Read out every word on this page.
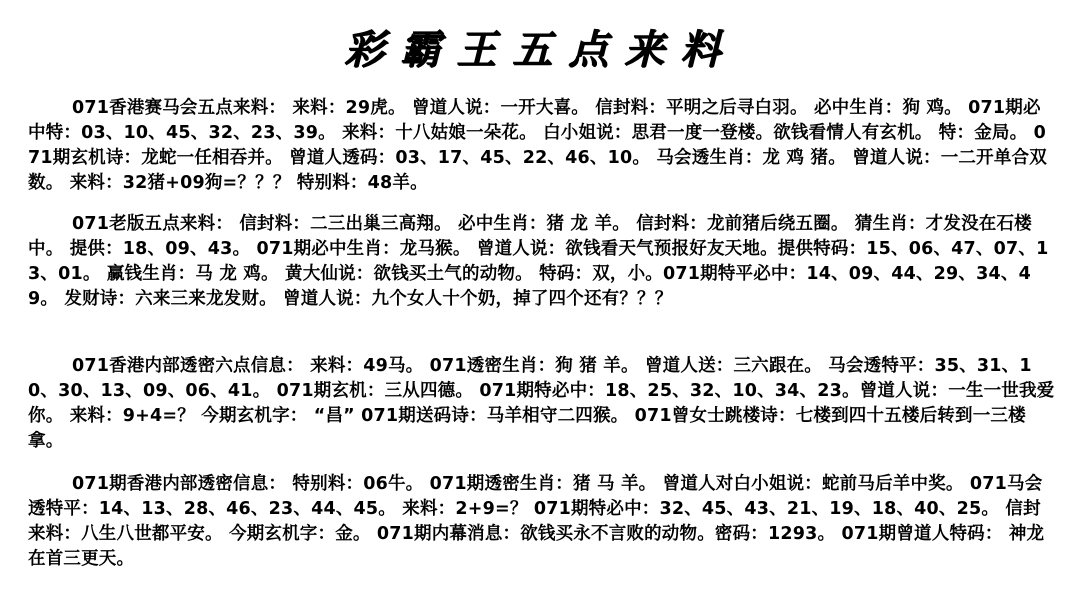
彩霸王五点来料
071香港赛马会五点来料： 来料：29虎。 曾道人说：一开大喜。 信封料：平明之后寻白羽。 必中生肖：狗 鸡。 071期必中特：03、10、45、32、23、39。 来料：十八姑娘一朵花。 白小姐说：思君一度一登楼。欲钱看情人有玄机。 特：金局。 071期玄机诗：龙蛇一任相吞并。 曾道人透码：03、17、45、22、46、10。 马会透生肖：龙 鸡 猪。 曾道人说：一二开单合双数。 来料：32猪+09狗=？？？ 特别料：48羊。
071老版五点来料： 信封料：二三出巢三高翔。 必中生肖：猪 龙 羊。 信封料：龙前猪后绕五圈。 猜生肖：才发没在石楼中。 提供：18、09、43。 071期必中生肖：龙马猴。 曾道人说：欲钱看天气预报好友天地。提供特码：15、06、47、07、13、01。 赢钱生肖：马 龙 鸡。 黄大仙说：欲钱买土气的动物。 特码：双，小。071期特平必中：14、09、44、29、34、49。 发财诗：六来三来龙发财。 曾道人说：九个女人十个奶，掉了四个还有？？？
071香港内部透密六点信息： 来料：49马。 071透密生肖：狗 猪 羊。 曾道人送：三六跟在。 马会透特平：35、31、10、30、13、09、06、41。 071期玄机：三从四德。 071期特必中：18、25、32、10、34、23。曾道人说：一生一世我爱你。 来料：9+4=？ 今期玄机字： “昌” 071期送码诗：马羊相守二四猴。 071曾女士跳楼诗：七楼到四十五楼后转到一三楼拿。
071期香港内部透密信息： 特别料：06牛。 071期透密生肖：猪 马 羊。 曾道人对白小姐说：蛇前马后羊中奖。 071马会透特平：14、13、28、46、23、44、45。 来料：2+9=？ 071期特必中：32、45、43、21、19、18、40、25。 信封来料：八生八世都平安。 今期玄机字：金。 071期内幕消息：欲钱买永不言败的动物。密码：1293。 071期曾道人特码： 神龙在首三更天。
